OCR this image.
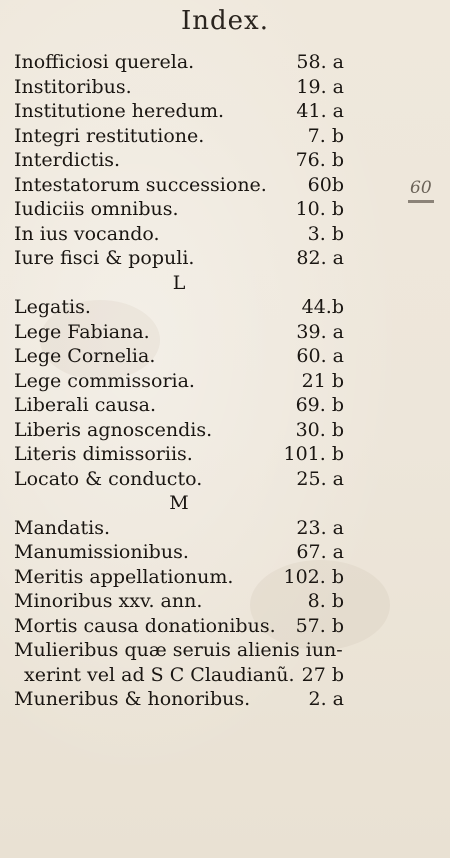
Index.
60
Inofficiosi querela.	58. a
Institoribus.	19. a
Institutione heredum.	41. a
Integri restitutione.	7. b
Interdictis.	76. b
Intestatorum successione.	60b
Iudiciis omnibus.	10. b
In ius vocando.	3. b
Iure fisci & populi.	82. a
L
Legatis.	44.b
Lege Fabiana.	39. a
Lege Cornelia.	60. a
Lege commissoria.	21 b
Liberali causa.	69. b
Liberis agnoscendis.	30. b
Literis dimissoriis.	101. b
Locato & conducto.	25. a
M
Mandatis.	23. a
Manumissionibus.	67. a
Meritis appellationum.	102. b
Minoribus xxv. ann.	8. b
Mortis causa donationibus.	57. b
Mulieribus quæ seruis alienis iun-
xerint vel ad S C Claudianũ. 27 b
Muneribus & honoribus.	2. a
